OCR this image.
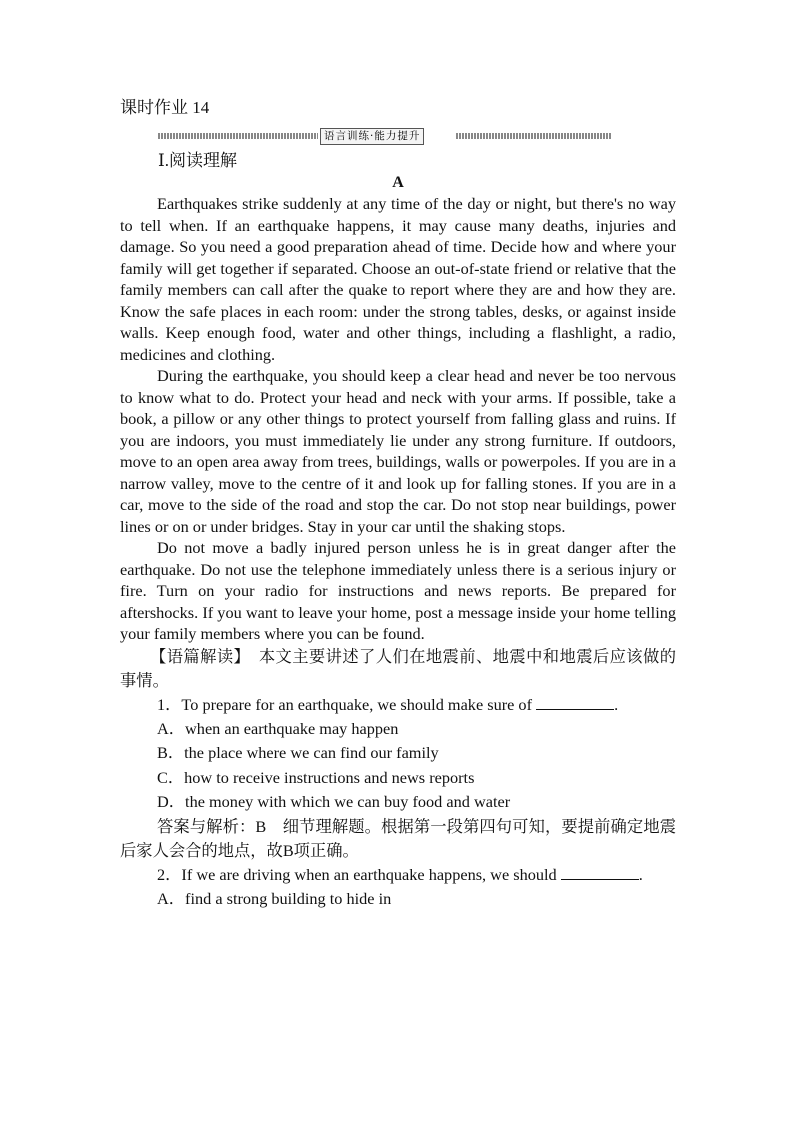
课时作业 14
语言训练·能力提升
Ⅰ.阅读理解
A

Earthquakes strike suddenly at any time of the day or night, but there's no way to tell when. If an earthquake happens, it may cause many deaths, injuries and damage. So you need a good preparation ahead of time. Decide how and where your family will get together if separated. Choose an out-of-state friend or relative that the family members can call after the quake to report where they are and how they are. Know the safe places in each room: under the strong tables, desks, or against inside walls. Keep enough food, water and other things, including a flashlight, a radio, medicines and clothing.

During the earthquake, you should keep a clear head and never be too nervous to know what to do. Protect your head and neck with your arms. If possible, take a book, a pillow or any other things to protect yourself from falling glass and ruins. If you are indoors, you must immediately lie under any strong furniture. If outdoors, move to an open area away from trees, buildings, walls or powerpoles. If you are in a narrow valley, move to the centre of it and look up for falling stones. If you are in a car, move to the side of the road and stop the car. Do not stop near buildings, power lines or on or under bridges. Stay in your car until the shaking stops.

Do not move a badly injured person unless he is in great danger after the earthquake. Do not use the telephone immediately unless there is a serious injury or fire. Turn on your radio for instructions and news reports. Be prepared for aftershocks. If you want to leave your home, post a message inside your home telling your family members where you can be found.

【语篇解读】　 本文主要讲述了人们在地震前、地震中和地震后应该做的事情。

1．To prepare for an earthquake, we should make sure of	.

A．when an earthquake may happen

B．the place where we can find our family

C．how to receive instructions and news reports

D．the money with which we can buy food and water

答案与解析：B　细节理解题。根据第一段第四句可知，要提前确定地震后家人会合的地点，故B项正确。

2．If we are driving when an earthquake happens, we should	.

A．find a strong building to hide in
